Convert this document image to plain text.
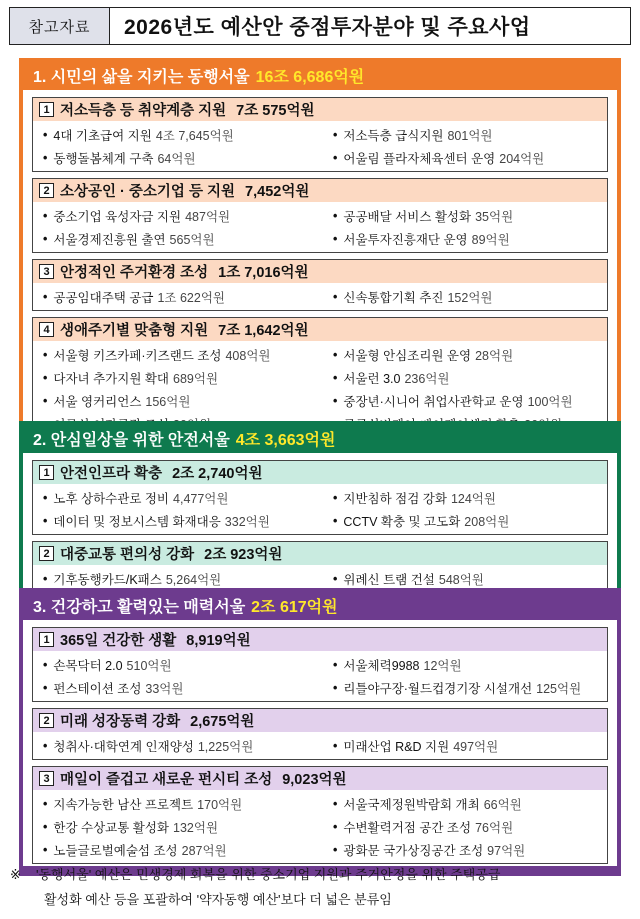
참고자료	2026년도 예산안 중점투자분야 및 주요사업
1. 시민의 삶을 지키는 동행서울 16조 6,686억원
1 저소득층 등 취약계층 지원 7조 575억원
• 4대 기초급여 지원 4조 7,645억원	• 저소득층 급식지원 801억원
• 동행돌봄체계 구축 64억원	• 어울림 플라자체육센터 운영 204억원
2 소상공인 · 중소기업 등 지원 7,452억원
• 중소기업 육성자금 지원 487억원	• 공공배달 서비스 활성화 35억원
• 서울경제진흥원 출연 565억원	• 서울투자진흥재단 운영 89억원
3 안정적인 주거환경 조성 1조 7,016억원
• 공공임대주택 공급 1조 622억원	• 신속통합기획 추진 152억원
4 생애주기별 맞춤형 지원 7조 1,642억원
• 서울형 키즈카페·키즈랜드 조성 408억원	• 서울형 안심조리원 운영 28억원
• 다자녀 추가지원 확대 689억원	• 서울런 3.0 236억원
• 서울 영커리언스 156억원	• 중장년·시니어 취업사관학교 운영 100억원
2. 안심일상을 위한 안전서울 4조 3,663억원
1 안전인프라 확충 2조 2,740억원
• 노후 상하수관로 정비 4,477억원	• 지반침하 점검 강화 124억원
• 데이터 및 정보시스템 화재대응 332억원	• CCTV 확충 및 고도화 208억원
2 대중교통 편의성 강화 2조 923억원
• 기후동행카드/K패스 5,264억원	• 위례신 트램 건설 548억원
3. 건강하고 활력있는 매력서울 2조 617억원
1 365일 건강한 생활 8,919억원
• 손목닥터 2.0 510억원	• 서울체력9988 12억원
• 펀스테이션 조성 33억원	• 리틀야구장·월드컵경기장 시설개선 125억원
2 미래 성장동력 강화 2,675억원
• 청취사·대학연계 인재양성 1,225억원	• 미래산업 R&D 지원 497억원
3 매일이 즐겁고 새로운 펀시티 조성 9,023억원
• 지속가능한 남산 프로젝트 170억원	• 서울국제정원박람회 개최 66억원
• 한강 수상교통 활성화 132억원	• 수변활력거점 공간 조성 76억원
• 노들글로벌예술섬 조성 287억원	• 광화문 국가상징공간 조성 97억원
※ '동행서울' 예산은 민생경제 회복을 위한 중소기업 지원과 주거안정을 위한 주택공급
활성화 예산 등을 포괄하여 '약자동행 예산'보다 더 넓은 분류임
